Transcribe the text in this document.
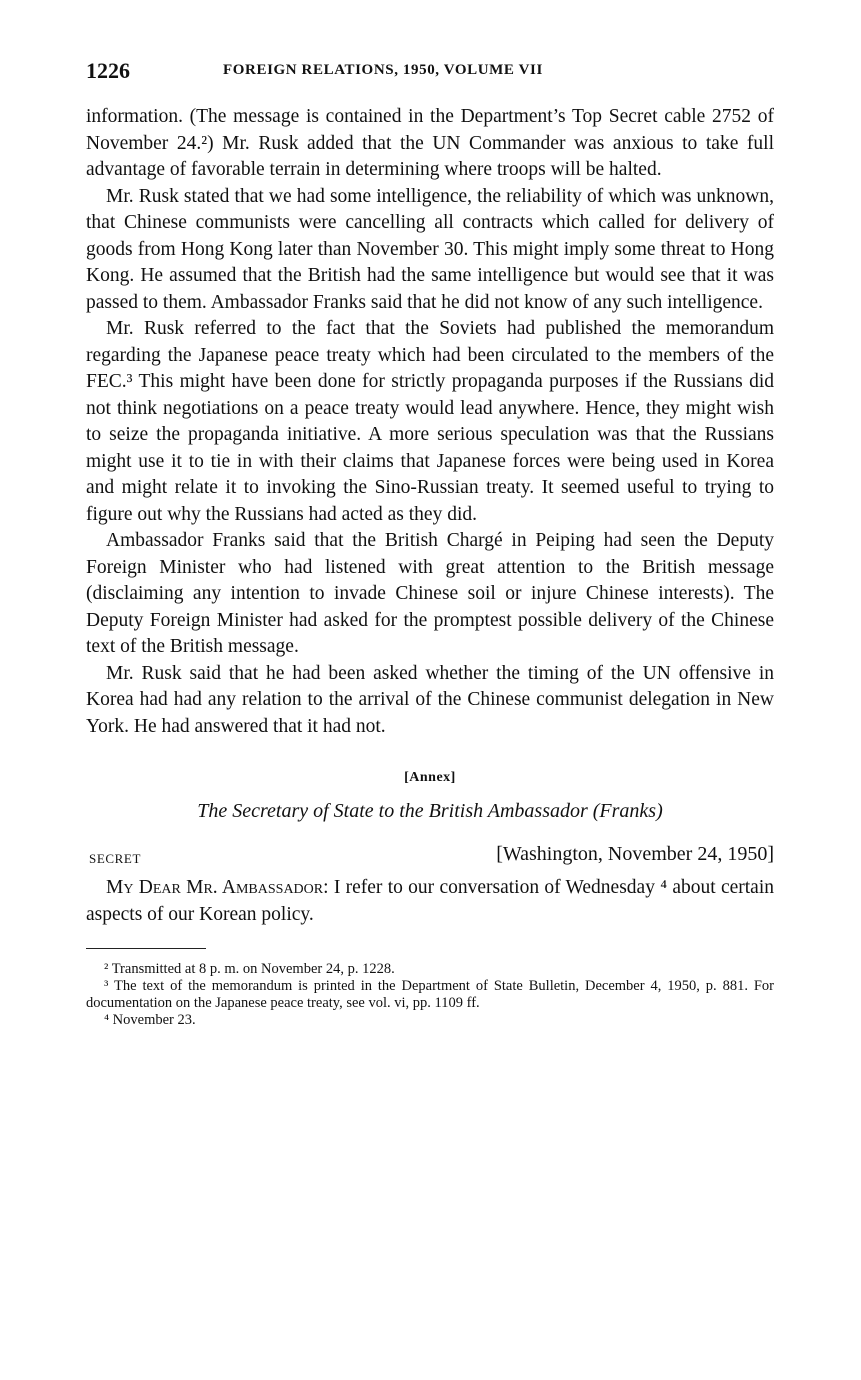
1226	FOREIGN RELATIONS, 1950, VOLUME VII

information. (The message is contained in the Department’s Top Secret cable 2752 of November 24.²) Mr. Rusk added that the UN Commander was anxious to take full advantage of favorable terrain in determining where troops will be halted.

Mr. Rusk stated that we had some intelligence, the reliability of which was unknown, that Chinese communists were cancelling all contracts which called for delivery of goods from Hong Kong later than November 30. This might imply some threat to Hong Kong. He assumed that the British had the same intelligence but would see that it was passed to them. Ambassador Franks said that he did not know of any such intelligence.

Mr. Rusk referred to the fact that the Soviets had published the memorandum regarding the Japanese peace treaty which had been circulated to the members of the FEC.³ This might have been done for strictly propaganda purposes if the Russians did not think negotiations on a peace treaty would lead anywhere. Hence, they might wish to seize the propaganda initiative. A more serious speculation was that the Russians might use it to tie in with their claims that Japanese forces were being used in Korea and might relate it to invoking the Sino-Russian treaty. It seemed useful to trying to figure out why the Russians had acted as they did.

Ambassador Franks said that the British Chargé in Peiping had seen the Deputy Foreign Minister who had listened with great attention to the British message (disclaiming any intention to invade Chinese soil or injure Chinese interests). The Deputy Foreign Minister had asked for the promptest possible delivery of the Chinese text of the British message.

Mr. Rusk said that he had been asked whether the timing of the UN offensive in Korea had had any relation to the arrival of the Chinese communist delegation in New York. He had answered that it had not.

[Annex]
The Secretary of State to the British Ambassador (Franks)
SECRET	[Washington, November 24, 1950]

My Dear Mr. Ambassador: I refer to our conversation of Wednesday ⁴ about certain aspects of our Korean policy.

² Transmitted at 8 p. m. on November 24, p. 1228.

³ The text of the memorandum is printed in the Department of State Bulletin, December 4, 1950, p. 881. For documentation on the Japanese peace treaty, see vol. vi, pp. 1109 ff.

⁴ November 23.
